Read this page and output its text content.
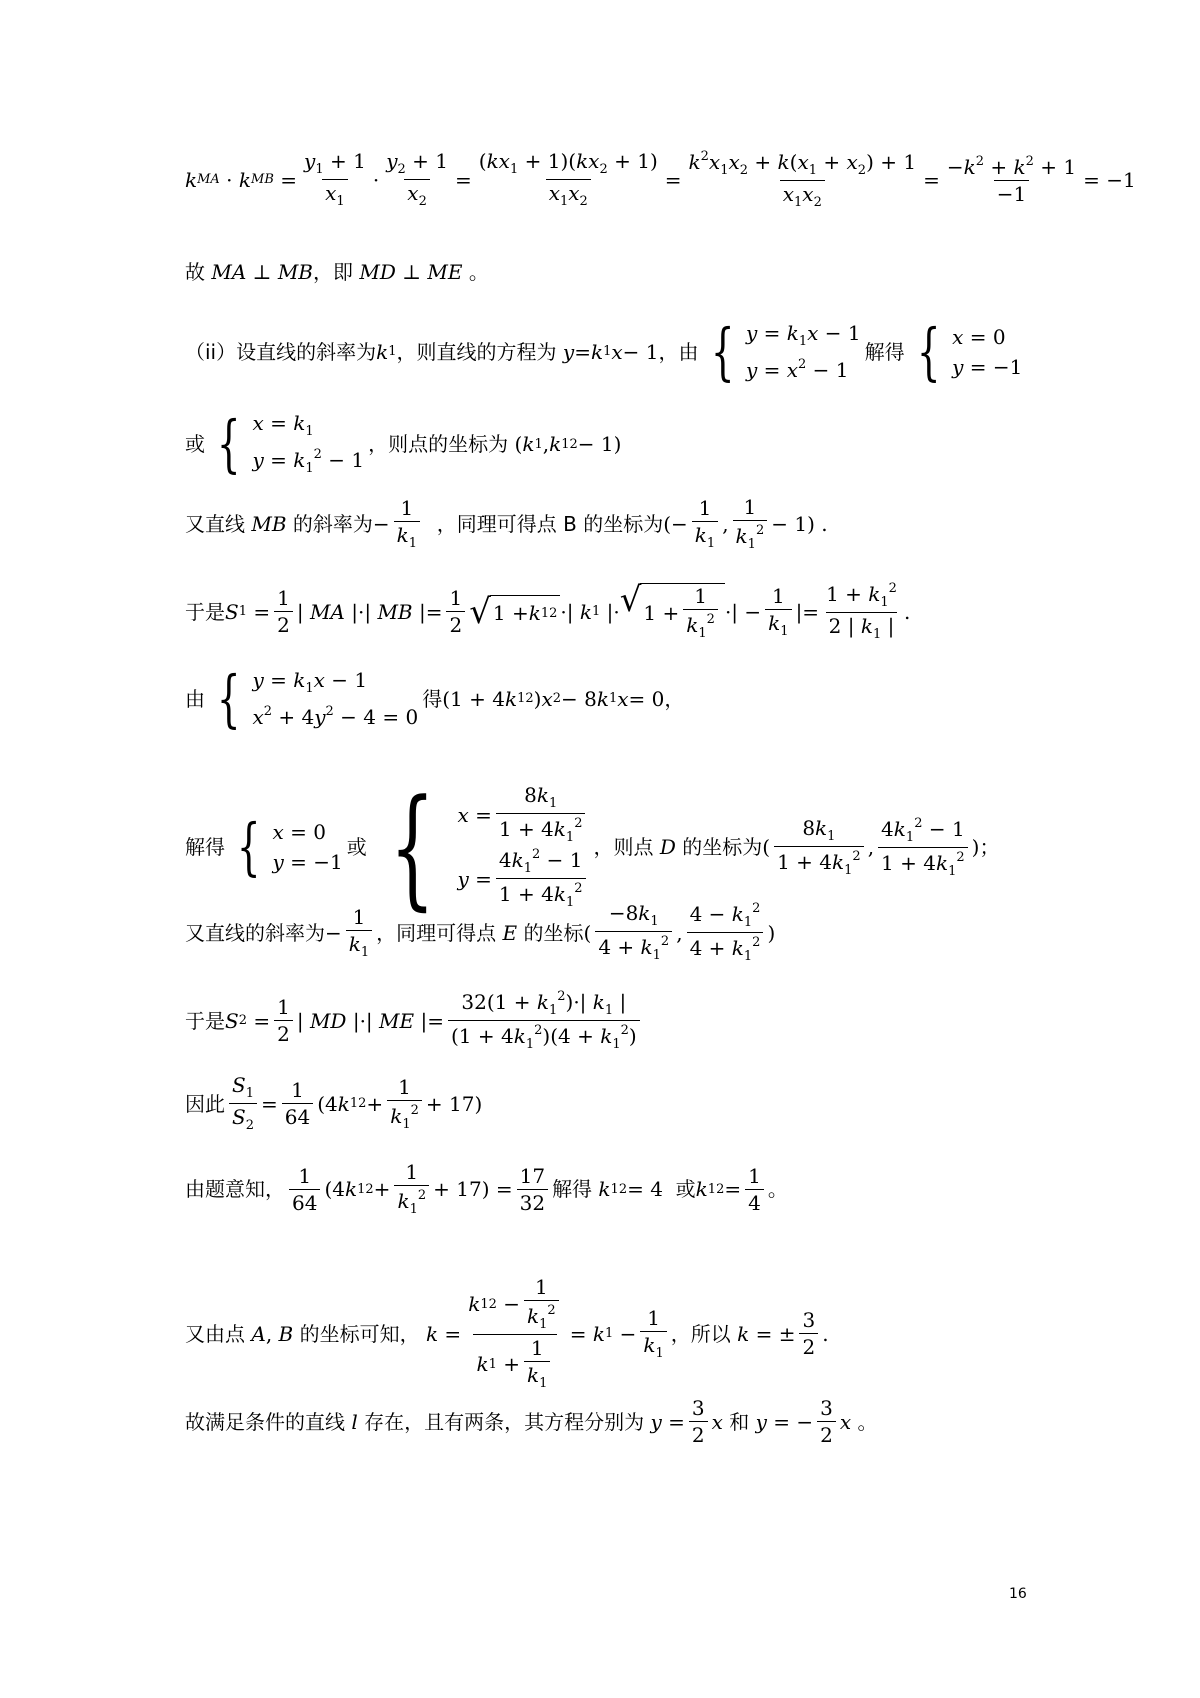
k MA · k MB = $\frac{y_1 + 1}{x_1} \cdot \frac{y_2 + 1}{x_2} = \frac{(kx_1 + 1)(kx_2 + 1)}{x_1x_2} = \frac{k^2x_1x_2 + k(x_1 + x_2) + 1}{x_1x_2} = \frac{-k^2 + k^2 + 1}{-1} = -1$
故 MA ⊥ MB ，即 MD ⊥ ME
。
（ii）设直线的斜率为 k 1 ，则直线的方程为
y = k 1 x − 1 ，由 { $y = k_1x - 1$
$y = x^2 - 1$
解得 { x = 0
y = −1
或 { $x = k_1$
$y = k_1^2 - 1$
，则点的坐标为 ( k 1 , k 1 2 − 1)
又直线 MB 的斜率为 − $\frac{1}{k_1}$
，同理可得点 B 的坐标为 (− $\frac{1}{k_1}$ , $\frac{1}{k_1^2} - 1$) .
于是 S $1 = \frac{1}{2}$ | MA |·| MB |= $\frac{1}{2}$ √ 1 + k 1 2 ·| k 1 |· √ $1 + \frac{1}{k_1^2}$ ·| − $\frac{1}{k_1}$ |= $\frac{1 + k_1^2}{2 | k_1 |}$ .
由 { $y = k_1x - 1$
$x^2 + 4y^2 - 4 = 0$
得 (1 + 4 k 1 2 ) x 2 − 8 k 1 x = 0 ，
解得 { x = 0
y = −1
或 { $x = \frac{8k_1}{1 + 4k_1^2}$
$y = \frac{4k_1^2 - 1}{1 + 4k_1^2}$
，则点 D 的坐标为 ( $\frac{8k_1}{1 + 4k_1^2}$ , $\frac{4k_1^2 - 1}{1 + 4k_1^2}$ ) ；
又直线的斜率为 − $\frac{1}{k_1}$ ，同理可得点 E 的坐标 ( $\frac{-8k_1}{4 + k_1^2}$ , $\frac{4 - k_1^2}{4 + k_1^2}$ )
于是 S $2 = \frac{1}{2}$ | MD |·| ME |= $\frac{32(1 + k_1^2)\cdot| k_1 |}{(1 + 4k_1^2)(4 + k_1^2)}$
因此 $\frac{S_1}{S_2} = \frac{1}{64} (4$ k 1 $2 + \frac{1}{k_1^2} + 17$)
由题意知， $\frac{1}{64} (4$ k 1 $2 + \frac{1}{k_1^2} + 17) = \frac{17}{32}$ 解得 k 1 2 = 4 或 k 1 $2 = \frac{1}{4}$ 。
又由点 A , B 的坐标可知， $k = \frac{k 1 2 - \frac{1}{k_1^2}}{k 1 + \frac{1}{k_1}} = k$ $1 - \frac{1}{k_1}$ ，所以 k = ± $\frac{3}{2}$ .
故满足条件的直线 l 存在，且有两条，其方程分别为 $y = \frac{3}{2}$ x 和 y = − $\frac{3}{2}$ x 。
16
